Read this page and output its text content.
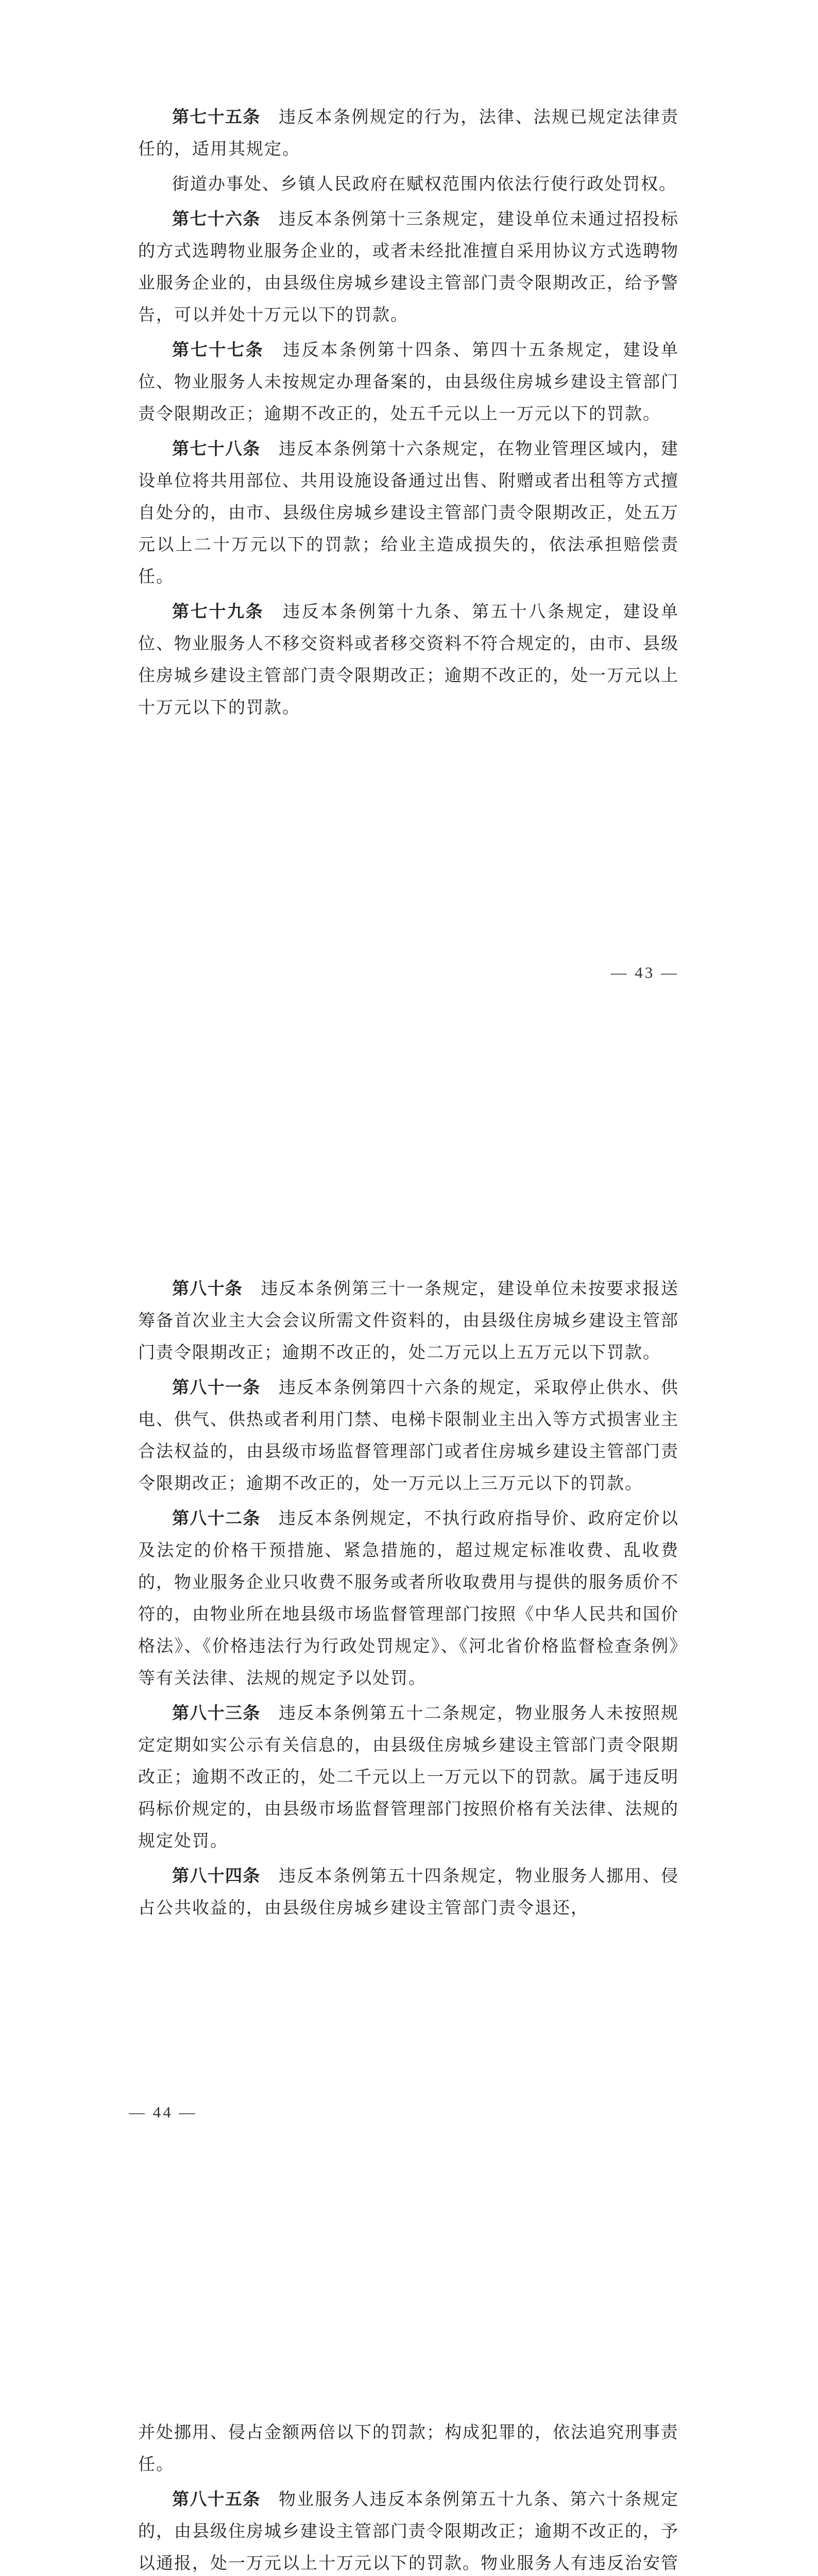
第七十五条　 违反本条例规定的行为，法律、法规已规定法律责任的，适用其规定。

街道办事处、乡镇人民政府在赋权范围内依法行使行政处罚权。

第七十六条　 违反本条例第十三条规定，建设单位未通过招投标的方式选聘物业服务企业的，或者未经批准擅自采用协议方式选聘物业服务企业的，由县级住房城乡建设主管部门责令限期改正，给予警告，可以并处十万元以下的罚款。

第七十七条　 违反本条例第十四条、第四十五条规定，建设单位、物业服务人未按规定办理备案的，由县级住房城乡建设主管部门责令限期改正；逾期不改正的，处五千元以上一万元以下的罚款。

第七十八条　 违反本条例第十六条规定，在物业管理区域内，建设单位将共用部位、共用设施设备通过出售、附赠或者出租等方式擅自处分的，由市、县级住房城乡建设主管部门责令限期改正，处五万元以上二十万元以下的罚款；给业主造成损失的，依法承担赔偿责任。

第七十九条　 违反本条例第十九条、第五十八条规定，建设单位、物业服务人不移交资料或者移交资料不符合规定的，由市、县级住房城乡建设主管部门责令限期改正；逾期不改正的，处一万元以上十万元以下的罚款。

— 43 —

第八十条　 违反本条例第三十一条规定，建设单位未按要求报送筹备首次业主大会会议所需文件资料的，由县级住房城乡建设主管部门责令限期改正；逾期不改正的，处二万元以上五万元以下罚款。

第八十一条　 违反本条例第四十六条的规定，采取停止供水、供电、供气、供热或者利用门禁、电梯卡限制业主出入等方式损害业主合法权益的，由县级市场监督管理部门或者住房城乡建设主管部门责令限期改正；逾期不改正的，处一万元以上三万元以下的罚款。

第八十二条　 违反本条例规定，不执行政府指导价、政府定价以及法定的价格干预措施、紧急措施的，超过规定标准收费、乱收费的，物业服务企业只收费不服务或者所收取费用与提供的服务质价不符的，由物业所在地县级市场监督管理部门按照《中华人民共和国价格法》、《价格违法行为行政处罚规定》、《河北省价格监督检查条例》等有关法律、法规的规定予以处罚。

第八十三条　 违反本条例第五十二条规定，物业服务人未按照规定定期如实公示有关信息的，由县级住房城乡建设主管部门责令限期改正；逾期不改正的，处二千元以上一万元以下的罚款。属于违反明码标价规定的，由县级市场监督管理部门按照价格有关法律、法规的规定处罚。

第八十四条　 违反本条例第五十四条规定，物业服务人挪用、侵占公共收益的，由县级住房城乡建设主管部门责令退还，

— 44 —

并处挪用、侵占金额两倍以下的罚款；构成犯罪的，依法追究刑事责任。

第八十五条　 物业服务人违反本条例第五十九条、第六十条规定的，由县级住房城乡建设主管部门责令限期改正；逾期不改正的，予以通报，处一万元以上十万元以下的罚款。物业服务人有违反治安管
